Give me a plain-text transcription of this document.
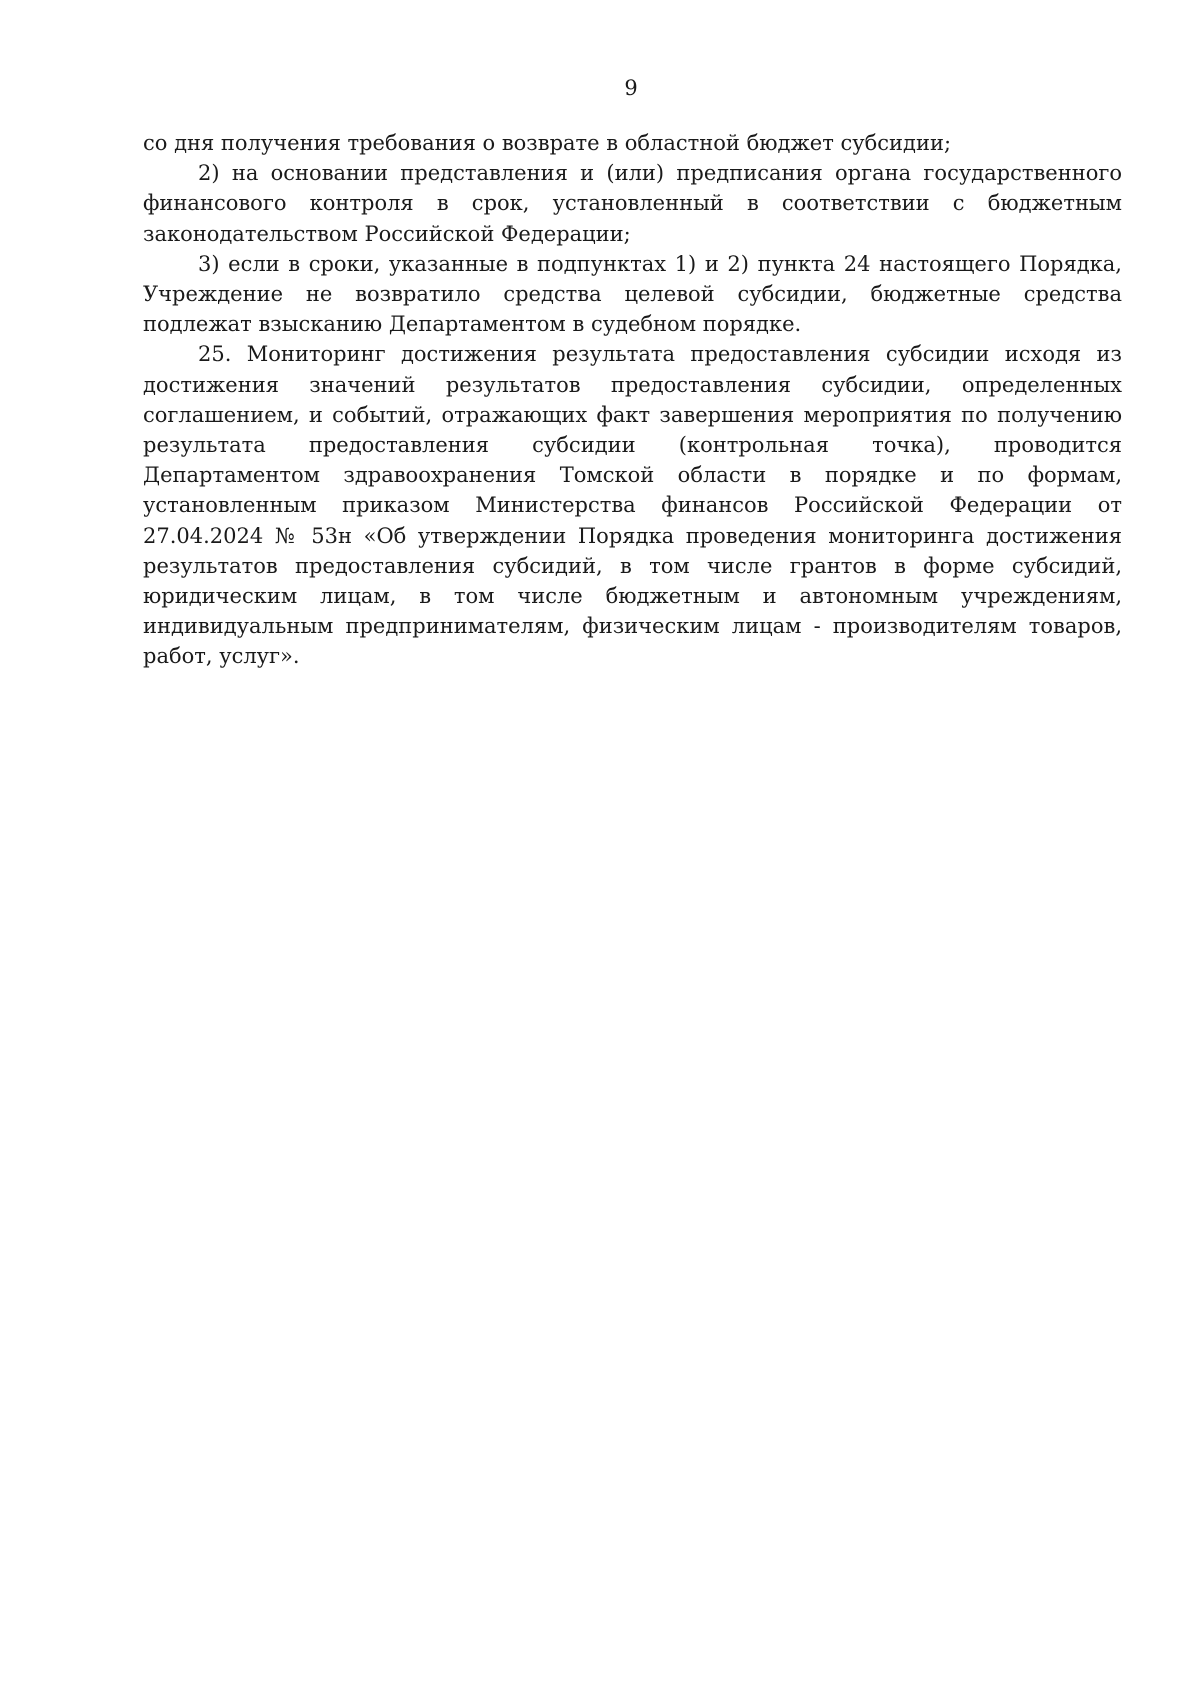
9

со дня получения требования о возврате в областной бюджет субсидии;

2) на основании представления и (или) предписания органа государственного финансового контроля в срок, установленный в соответствии с бюджетным законодательством Российской Федерации;

3) если в сроки, указанные в подпунктах 1) и 2) пункта 24 настоящего Порядка, Учреждение не возвратило средства целевой субсидии, бюджетные средства подлежат взысканию Департаментом в судебном порядке.

25. Мониторинг достижения результата предоставления субсидии исходя из достижения значений результатов предоставления субсидии, определенных соглашением, и событий, отражающих факт завершения мероприятия по получению результата предоставления субсидии (контрольная точка), проводится Департаментом здравоохранения Томской области в порядке и по формам, установленным приказом Министерства финансов Российской Федерации от 27.04.2024 № 53н «Об утверждении Порядка проведения мониторинга достижения результатов предоставления субсидий, в том числе грантов в форме субсидий, юридическим лицам, в том числе бюджетным и автономным учреждениям, индивидуальным предпринимателям, физическим лицам - производителям товаров, работ, услуг».
